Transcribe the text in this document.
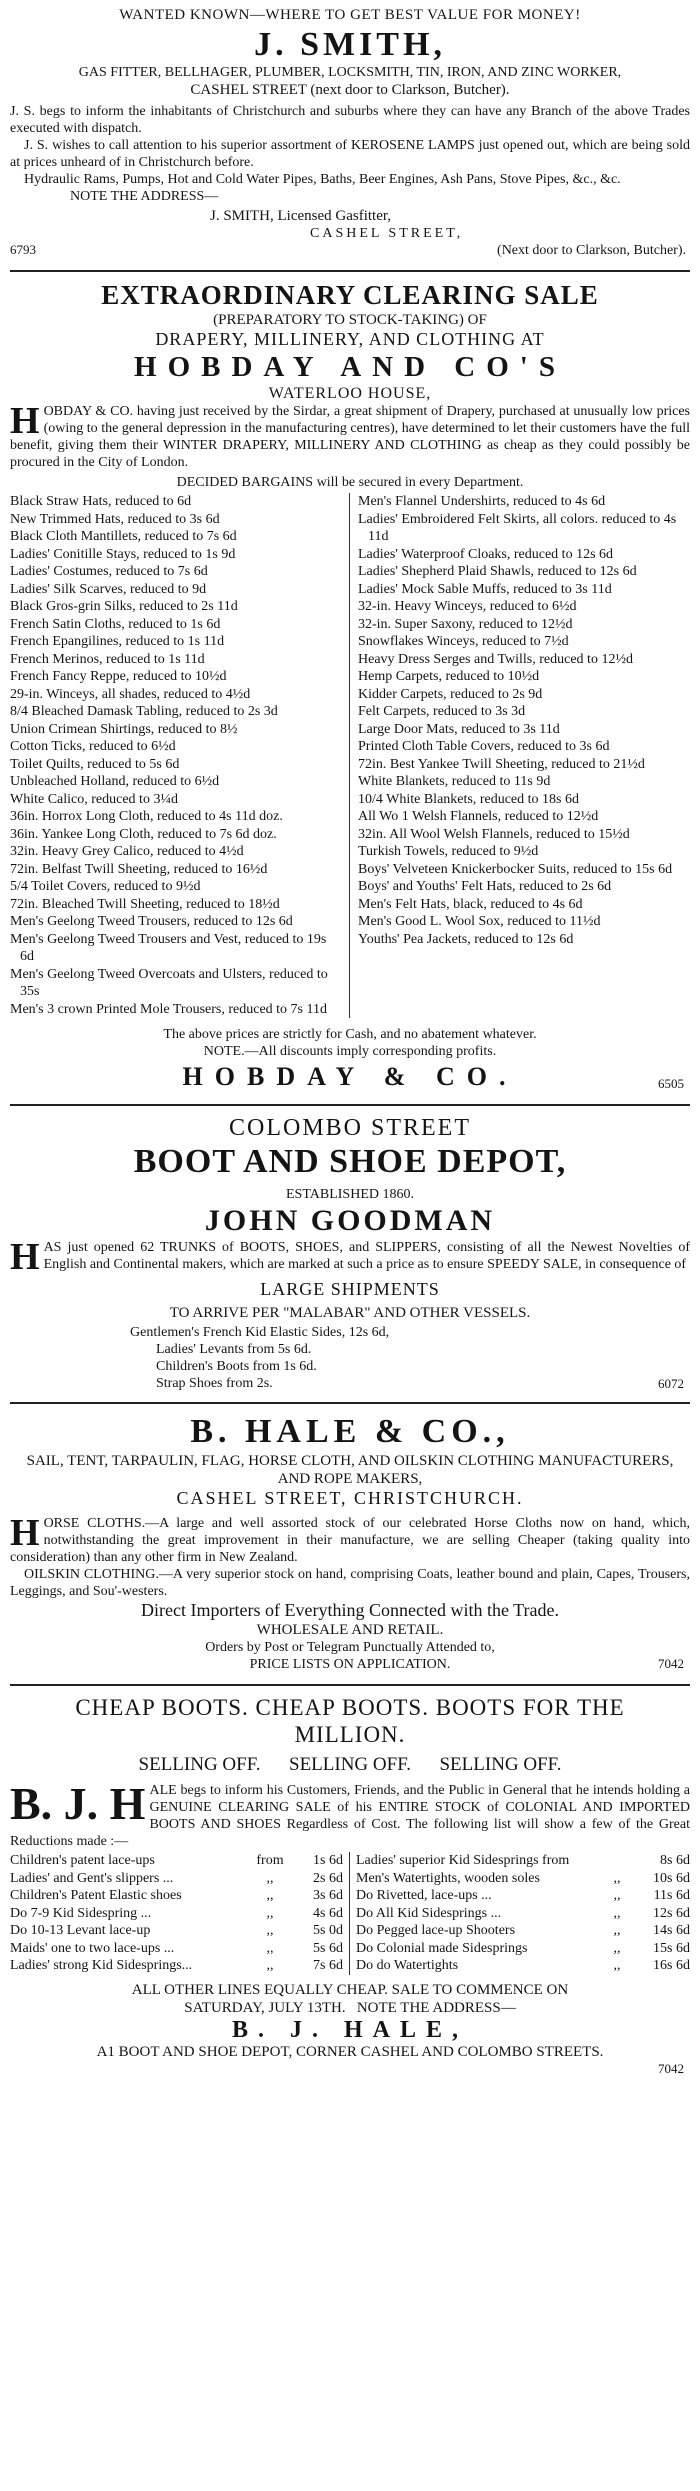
WANTED KNOWN—WHERE TO GET BEST VALUE FOR MONEY!
J. SMITH,
GAS FITTER, BELLHAGER, PLUMBER, LOCKSMITH, TIN, IRON, AND ZINC WORKER,
CASHEL STREET (next door to Clarkson, Butcher).
J. S. begs to inform the inhabitants of Christchurch and suburbs where they can have any Branch of the above Trades executed with dispatch.
J. S. wishes to call attention to his superior assortment of KEROSENE LAMPS just opened out, which are being sold at prices unheard of in Christchurch before.
Hydraulic Rams, Pumps, Hot and Cold Water Pipes, Baths, Beer Engines, Ash Pans, Stove Pipes, &c., &c.
NOTE THE ADDRESS—
J. SMITH, Licensed Gasfitter,
CASHEL STREET,
6793	(Next door to Clarkson, Butcher).
EXTRAORDINARY CLEARING SALE
(PREPARATORY TO STOCK-TAKING) OF
DRAPERY, MILLINERY, AND CLOTHING AT
HOBDAY AND CO'S
WATERLOO HOUSE,
HOBDAY & CO. having just received by the Sirdar, a great shipment of Drapery, purchased at unusually low prices (owing to the general depression in the manufacturing centres), have determined to let their customers have the full benefit, giving them their WINTER DRAPERY, MILLINERY AND CLOTHING as cheap as they could possibly be procured in the City of London.
DECIDED BARGAINS will be secured in every Department.
Black Straw Hats, reduced to 6d
New Trimmed Hats, reduced to 3s 6d
Black Cloth Mantillets, reduced to 7s 6d
Ladies' Conitille Stays, reduced to 1s 9d
Ladies' Costumes, reduced to 7s 6d
Ladies' Silk Scarves, reduced to 9d
Black Gros-grin Silks, reduced to 2s 11d
French Satin Cloths, reduced to 1s 6d
French Epangilines, reduced to 1s 11d
French Merinos, reduced to 1s 11d
French Fancy Reppe, reduced to 10½d
29-in. Winceys, all shades, reduced to 4½d
8/4 Bleached Damask Tabling, reduced to 2s 3d
Union Crimean Shirtings, reduced to 8½
Cotton Ticks, reduced to 6½d
Toilet Quilts, reduced to 5s 6d
Unbleached Holland, reduced to 6½d
White Calico, reduced to 3¼d
36in. Horrox Long Cloth, reduced to 4s 11d doz.
36in. Yankee Long Cloth, reduced to 7s 6d doz.
32in. Heavy Grey Calico, reduced to 4½d
72in. Belfast Twill Sheeting, reduced to 16½d
5/4 Toilet Covers, reduced to 9½d
72in. Bleached Twill Sheeting, reduced to 18½d
Men's Geelong Tweed Trousers, reduced to 12s 6d
Men's Geelong Tweed Trousers and Vest, reduced to 19s 6d
Men's Geelong Tweed Overcoats and Ulsters, reduced to 35s
Men's 3 crown Printed Mole Trousers, reduced to 7s 11d
Men's Flannel Undershirts, reduced to 4s 6d
Ladies' Embroidered Felt Skirts, all colors. reduced to 4s 11d
Ladies' Waterproof Cloaks, reduced to 12s 6d
Ladies' Shepherd Plaid Shawls, reduced to 12s 6d
Ladies' Mock Sable Muffs, reduced to 3s 11d
32-in. Heavy Winceys, reduced to 6½d
32-in. Super Saxony, reduced to 12½d
Snowflakes Winceys, reduced to 7½d
Heavy Dress Serges and Twills, reduced to 12½d
Hemp Carpets, reduced to 10½d
Kidder Carpets, reduced to 2s 9d
Felt Carpets, reduced to 3s 3d
Large Door Mats, reduced to 3s 11d
Printed Cloth Table Covers, reduced to 3s 6d
72in. Best Yankee Twill Sheeting, reduced to 21½d
White Blankets, reduced to 11s 9d
10/4 White Blankets, reduced to 18s 6d
All Wo 1 Welsh Flannels, reduced to 12½d
32in. All Wool Welsh Flannels, reduced to 15½d
Turkish Towels, reduced to 9½d
Boys' Velveteen Knickerbocker Suits, reduced to 15s 6d
Boys' and Youths' Felt Hats, reduced to 2s 6d
Men's Felt Hats, black, reduced to 4s 6d
Men's Good L. Wool Sox, reduced to 11½d
Youths' Pea Jackets, reduced to 12s 6d
The above prices are strictly for Cash, and no abatement whatever.
NOTE.—All discounts imply corresponding profits.
HOBDAY & CO.	6505
COLOMBO STREET
BOOT AND SHOE DEPOT,
ESTABLISHED 1860.
JOHN GOODMAN
HAS just opened 62 TRUNKS of BOOTS, SHOES, and SLIPPERS, consisting of all the Newest Novelties of English and Continental makers, which are marked at such a price as to ensure SPEEDY SALE, in consequence of
LARGE SHIPMENTS
TO ARRIVE PER "MALABAR" AND OTHER VESSELS.
Gentlemen's French Kid Elastic Sides, 12s 6d,
Ladies' Levants from 5s 6d.
Children's Boots from 1s 6d.
Strap Shoes from 2s.	6072
B. HALE & CO.,
SAIL, TENT, TARPAULIN, FLAG, HORSE CLOTH, AND OILSKIN CLOTHING MANUFACTURERS, AND ROPE MAKERS,
CASHEL STREET, CHRISTCHURCH.
HORSE CLOTHS.—A large and well assorted stock of our celebrated Horse Cloths now on hand, which, notwithstanding the great improvement in their manufacture, we are selling Cheaper (taking quality into consideration) than any other firm in New Zealand.
OILSKIN CLOTHING.—A very superior stock on hand, comprising Coats, leather bound and plain, Capes, Trousers, Leggings, and Sou'-westers.
Direct Importers of Everything Connected with the Trade.
WHOLESALE AND RETAIL.
Orders by Post or Telegram Punctually Attended to,
PRICE LISTS ON APPLICATION.	7042
CHEAP BOOTS. CHEAP BOOTS. BOOTS FOR THE
MILLION.
SELLING OFF.      SELLING OFF.      SELLING OFF.
B. J. H ALE begs to inform his Customers, Friends, and the Public in General that he intends holding a GENUINE CLEARING SALE of his ENTIRE STOCK of COLONIAL AND IMPORTED BOOTS AND SHOES Regardless of Cost. The following list will show a few of the Great Reductions made :—
Children's patent lace-ups	from	1s 6d
Ladies' and Gent's slippers ...	,,	2s 6d
Children's Patent Elastic shoes	,,	3s 6d
Do 7-9 Kid Sidespring ...	,,	4s 6d
Do 10-13 Levant lace-up	,,	5s 0d
Maids' one to two lace-ups ...	,,	5s 6d
Ladies' strong Kid Sidesprings...	,,	7s 6d
Ladies' superior Kid Sidesprings from	8s 6d
Men's Watertights, wooden soles	,,	10s 6d
Do Rivetted, lace-ups ...	,,	11s 6d
Do All Kid Sidesprings ...	,,	12s 6d
Do Pegged lace-up Shooters	,,	14s 6d
Do Colonial made Sidesprings	,,	15s 6d
Do do Watertights	,,	16s 6d
ALL OTHER LINES EQUALLY CHEAP. SALE TO COMMENCE ON
SATURDAY, JULY 13TH.   NOTE THE ADDRESS—
B. J. HALE,
A1 BOOT AND SHOE DEPOT, CORNER CASHEL AND COLOMBO STREETS.
7042
